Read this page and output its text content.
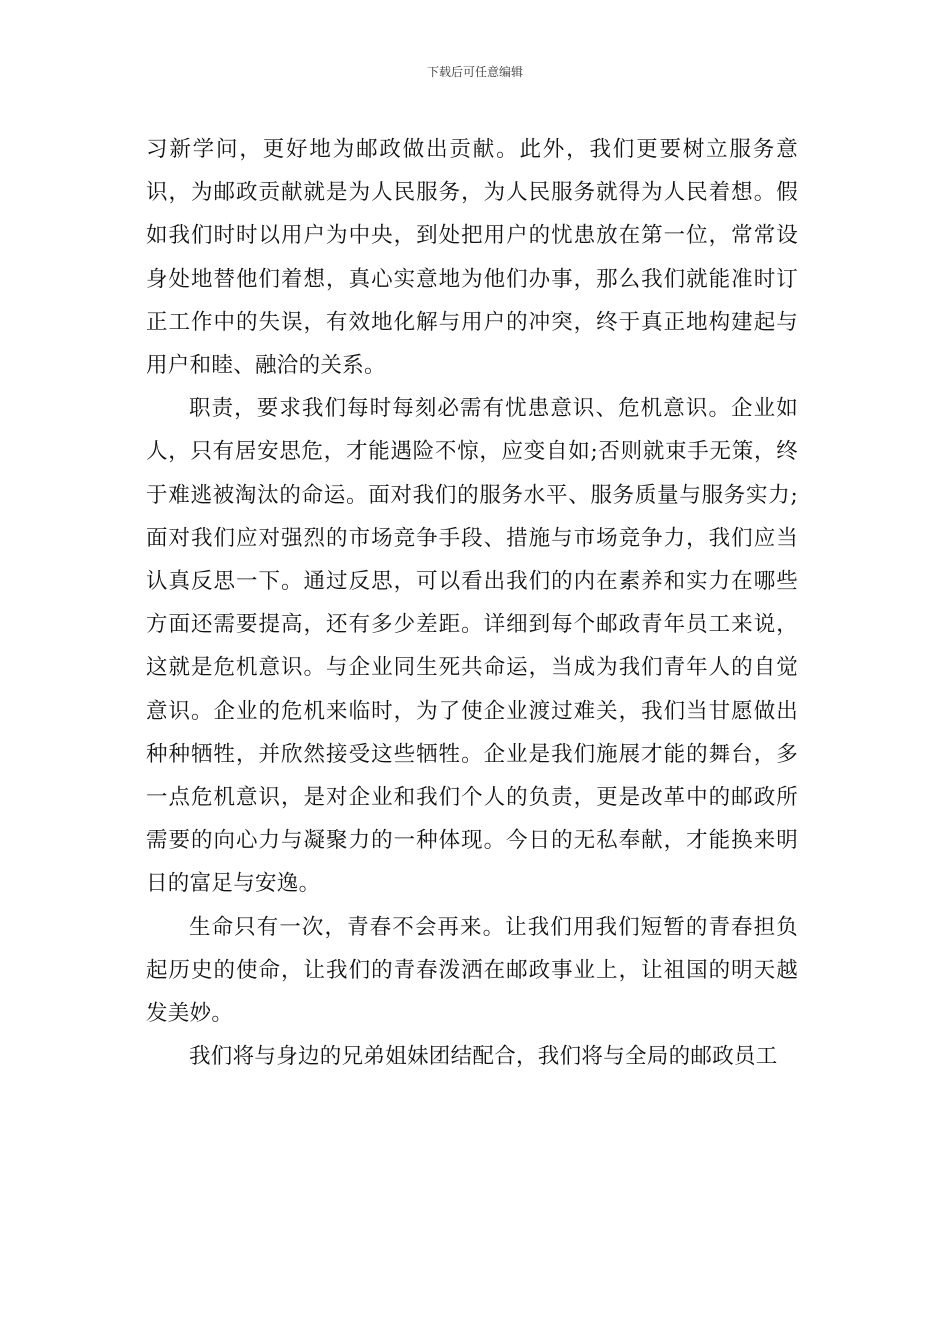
下载后可任意编辑

习新学问，更好地为邮政做出贡献。此外，我们更要树立服务意识，为邮政贡献就是为人民服务，为人民服务就得为人民着想。假如我们时时以用户为中央，到处把用户的忧患放在第一位，常常设身处地替他们着想，真心实意地为他们办事，那么我们就能准时订正工作中的失误，有效地化解与用户的冲突，终于真正地构建起与用户和睦、融洽的关系。

职责，要求我们每时每刻必需有忧患意识、危机意识。企业如人，只有居安思危，才能遇险不惊，应变自如;否则就束手无策，终于难逃被淘汰的命运。面对我们的服务水平、服务质量与服务实力;面对我们应对强烈的市场竞争手段、措施与市场竞争力，我们应当认真反思一下。通过反思，可以看出我们的内在素养和实力在哪些方面还需要提高，还有多少差距。详细到每个邮政青年员工来说，这就是危机意识。与企业同生死共命运，当成为我们青年人的自觉意识。企业的危机来临时，为了使企业渡过难关，我们当甘愿做出种种牺牲，并欣然接受这些牺牲。企业是我们施展才能的舞台，多一点危机意识，是对企业和我们个人的负责，更是改革中的邮政所需要的向心力与凝聚力的一种体现。今日的无私奉献，才能换来明日的富足与安逸。

生命只有一次，青春不会再来。让我们用我们短暂的青春担负起历史的使命，让我们的青春泼洒在邮政事业上，让祖国的明天越发美妙。

我们将与身边的兄弟姐妹团结配合，我们将与全局的邮政员工
